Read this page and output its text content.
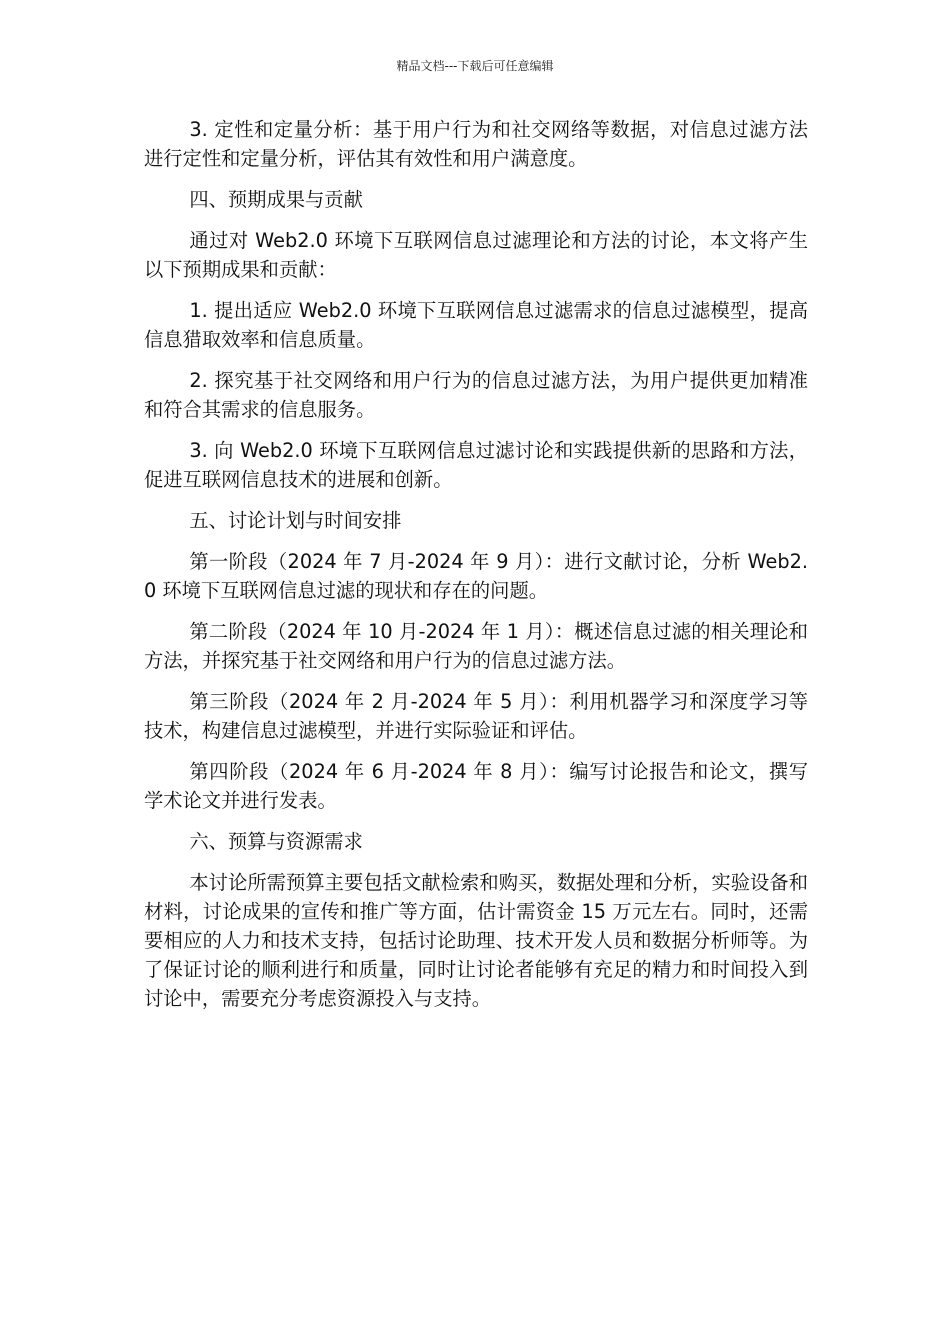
精品文档---下载后可任意编辑

3. 定性和定量分析：基于用户行为和社交网络等数据，对信息过滤方法进行定性和定量分析，评估其有效性和用户满意度。

四、预期成果与贡献

通过对 Web2.0 环境下互联网信息过滤理论和方法的讨论，本文将产生以下预期成果和贡献：

1. 提出适应 Web2.0 环境下互联网信息过滤需求的信息过滤模型，提高信息猎取效率和信息质量。

2. 探究基于社交网络和用户行为的信息过滤方法，为用户提供更加精准和符合其需求的信息服务。

3. 向 Web2.0 环境下互联网信息过滤讨论和实践提供新的思路和方法，促进互联网信息技术的进展和创新。

五、讨论计划与时间安排

第一阶段（2024 年 7 月-2024 年 9 月）：进行文献讨论，分析 Web2.0 环境下互联网信息过滤的现状和存在的问题。

第二阶段（2024 年 10 月-2024 年 1 月）：概述信息过滤的相关理论和方法，并探究基于社交网络和用户行为的信息过滤方法。

第三阶段（2024 年 2 月-2024 年 5 月）：利用机器学习和深度学习等技术，构建信息过滤模型，并进行实际验证和评估。

第四阶段（2024 年 6 月-2024 年 8 月）：编写讨论报告和论文，撰写学术论文并进行发表。

六、预算与资源需求

本讨论所需预算主要包括文献检索和购买，数据处理和分析，实验设备和材料，讨论成果的宣传和推广等方面，估计需资金 15 万元左右。同时，还需要相应的人力和技术支持，包括讨论助理、技术开发人员和数据分析师等。为了保证讨论的顺利进行和质量，同时让讨论者能够有充足的精力和时间投入到讨论中，需要充分考虑资源投入与支持。
